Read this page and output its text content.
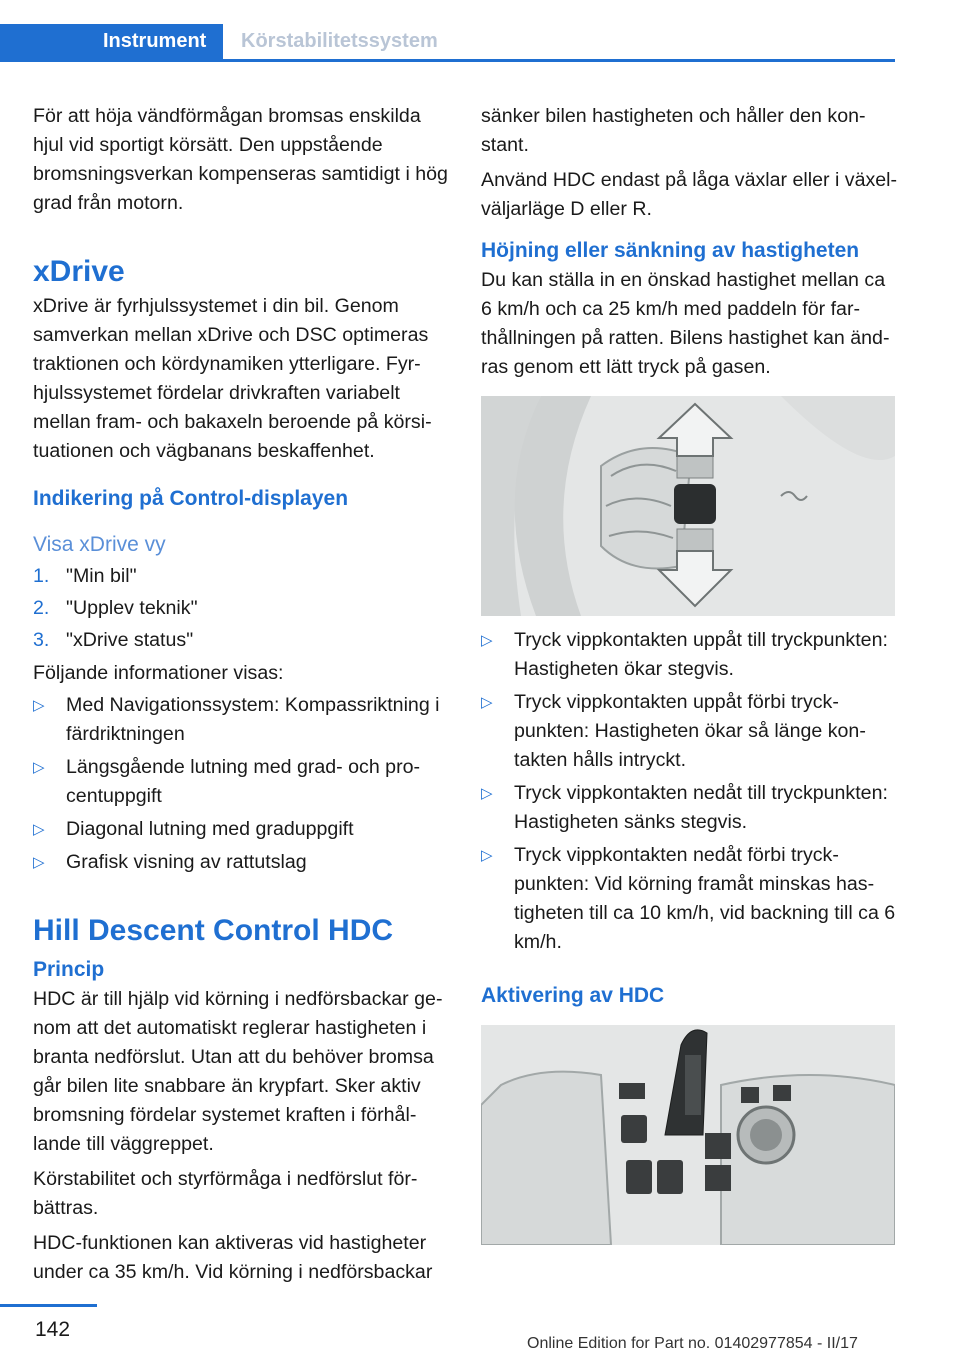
Instrument	Körstabilitetssystem

För att höja vändförmågan bromsas enskilda hjul vid sportigt körsätt. Den uppstående bromsningsverkan kompenseras samtidigt i hög grad från motorn.

xDrive

xDrive är fyrhjulssystemet i din bil. Genom samverkan mellan xDrive och DSC optimeras traktionen och kördynamiken ytterligare. Fyrhjulssystemet fördelar drivkraften variabelt mellan fram- och bakaxeln beroende på körsituationen och vägbanans beskaffenhet.

Indikering på Control-displayen
Visa xDrive vy
1. "Min bil"
2. "Upplev teknik"
3. "xDrive status"

Följande informationer visas:

▷ Med Navigationssystem: Kompassriktning i färdriktningen
▷ Längsgående lutning med grad- och procentuppgift
▷ Diagonal lutning med graduppgift
▷ Grafisk visning av rattutslag
Hill Descent Control HDC
Princip

HDC är till hjälp vid körning i nedförsbackar genom att det automatiskt reglerar hastigheten i branta nedförslut. Utan att du behöver bromsa går bilen lite snabbare än krypfart. Sker aktiv bromsning fördelar systemet kraften i förhållande till väggreppet.

Körstabilitet och styrförmåga i nedförslut förbättras.

HDC-funktionen kan aktiveras vid hastigheter under ca 35 km/h. Vid körning i nedförsbackar

sänker bilen hastigheten och håller den konstant.

Använd HDC endast på låga växlar eller i växelväljarläge D eller R.

Höjning eller sänkning av hastigheten

Du kan ställa in en önskad hastighet mellan ca 6 km/h och ca 25 km/h med paddeln för farthållningen på ratten. Bilens hastighet kan ändras genom ett lätt tryck på gasen.

▷ Tryck vippkontakten uppåt till tryckpunkten: Hastigheten ökar stegvis.
▷ Tryck vippkontakten uppåt förbi tryckpunkten: Hastigheten ökar så länge kontakten hålls intryckt.
▷ Tryck vippkontakten nedåt till tryckpunkten: Hastigheten sänks stegvis.
▷ Tryck vippkontakten nedåt förbi tryckpunkten: Vid körning framåt minskas hastigheten till ca 10 km/h, vid backning till ca 6 km/h.
Aktivering av HDC
142
Online Edition for Part no. 01402977854 - II/17
